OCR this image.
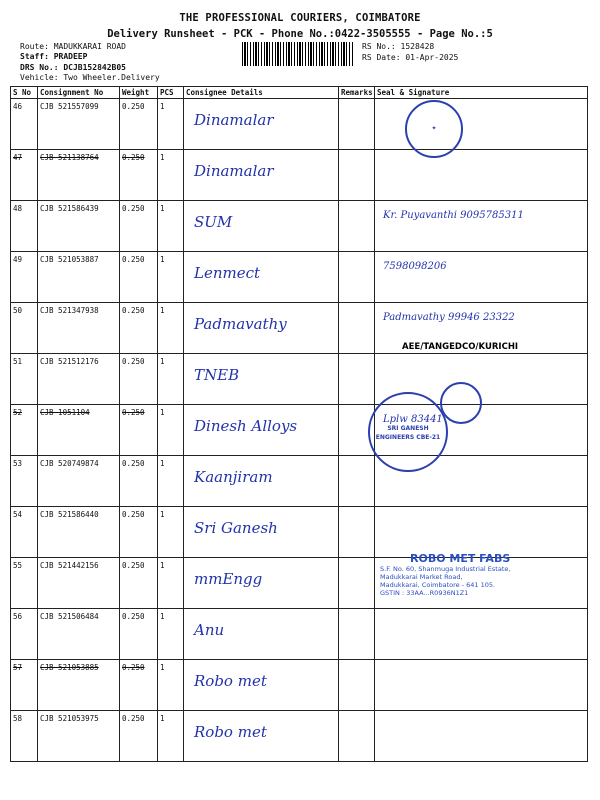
THE PROFESSIONAL COURIERS, COIMBATORE
Delivery Runsheet - PCK - Phone No.:0422-3505555 - Page No.:5
Route: MADUKKARAI ROAD
Staff: PRADEEP
DRS No.: DCJB152842B05
Vehicle: Two Wheeler.Delivery
RS No.: 1528428
RS Date: 01-Apr-2025
S No	Consignment No	Weight	PCS	Consignee Details	Remarks	Seal & Signature
46	CJB 521557099	0.250	1	Dinamalar		
47	CJB 521138764	0.250	1	Dinamalar		
48	CJB 521586439	0.250	1	SUM		Kr. Puyavanthi 9095785311

49	CJB 521053887	0.250	1	Lenmect		7598098206

50	CJB 521347938	0.250	1	Padmavathy		Padmavathy 99946 23322

51	CJB 521512176	0.250	1	TNEB		
52	CJB 1051104	0.250	1	Dinesh Alloys		Lplw 83441

53	CJB 520749874	0.250	1	Kaanjiram		
54	CJB 521586440	0.250	1	Sri Ganesh		
55	CJB 521442156	0.250	1	mmEngg		
56	CJB 521506484	0.250	1	Anu		
57	CJB 521053885	0.250	1	Robo met		
58	CJB 521053975	0.250	1	Robo met		
✦
AEE/TANGEDCO/KURICHI
SRI GANESH ENGINEERS CBE-21
ROBO MET FABS
S.F. No. 60, Shanmuga Industrial Estate,
Madukkarai Market Road,
Madukkarai, Coimbatore - 641 105.
GSTIN : 33AA...R0936N1Z1
